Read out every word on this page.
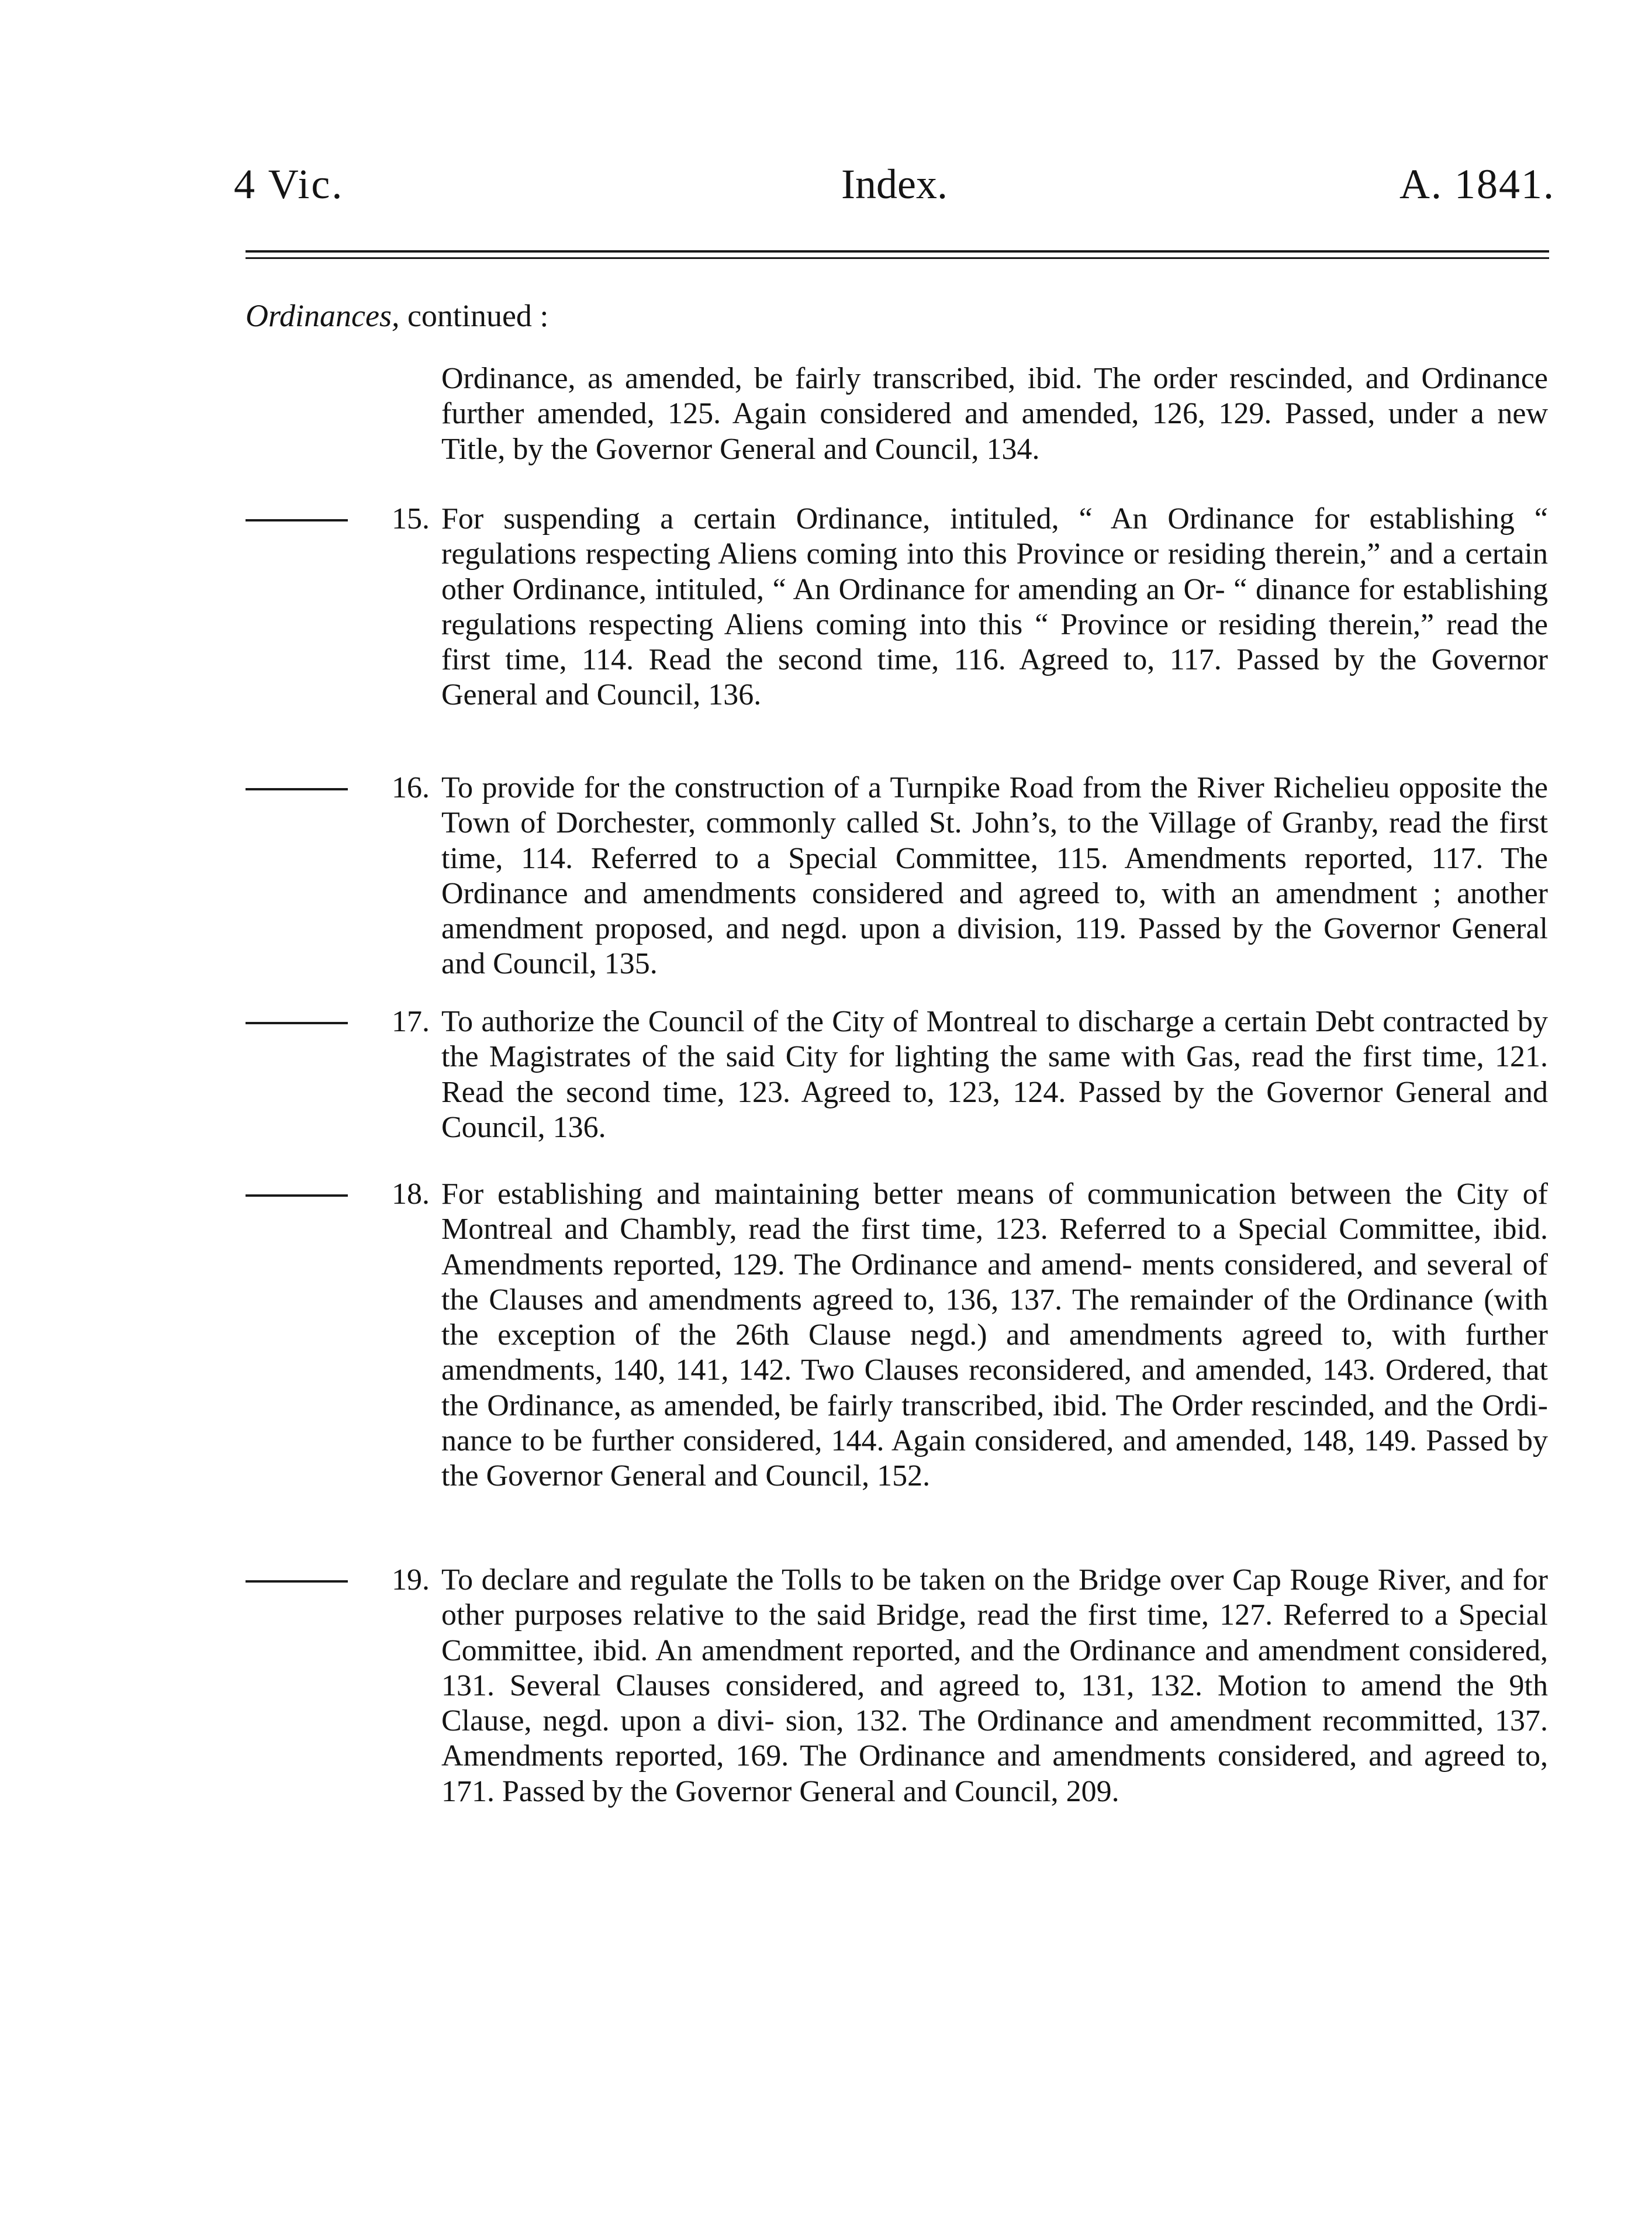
4 Vic.	Index.	A. 1841.
Ordinances, continued :
Ordinance, as amended, be fairly transcribed, ibid. The order rescinded, and Ordinance further amended, 125. Again considered and amended, 126, 129. Passed, under a new Title, by the Governor General and Council, 134.
15. For suspending a certain Ordinance, intituled, “ An Ordinance for establishing “ regulations respecting Aliens coming into this Province or residing therein,” and a certain other Ordinance, intituled, “ An Ordinance for amending an Or- “ dinance for establishing regulations respecting Aliens coming into this “ Province or residing therein,” read the first time, 114. Read the second time, 116. Agreed to, 117. Passed by the Governor General and Council, 136.
16. To provide for the construction of a Turnpike Road from the River Richelieu opposite the Town of Dorchester, commonly called St. John’s, to the Village of Granby, read the first time, 114. Referred to a Special Committee, 115. Amendments reported, 117. The Ordinance and amendments considered and agreed to, with an amendment ; another amendment proposed, and negd. upon a division, 119. Passed by the Governor General and Council, 135.
17. To authorize the Council of the City of Montreal to discharge a certain Debt contracted by the Magistrates of the said City for lighting the same with Gas, read the first time, 121. Read the second time, 123. Agreed to, 123, 124. Passed by the Governor General and Council, 136.
18. For establishing and maintaining better means of communication between the City of Montreal and Chambly, read the first time, 123. Referred to a Special Committee, ibid. Amendments reported, 129. The Ordinance and amend- ments considered, and several of the Clauses and amendments agreed to, 136, 137. The remainder of the Ordinance (with the exception of the 26th Clause negd.) and amendments agreed to, with further amendments, 140, 141, 142. Two Clauses reconsidered, and amended, 143. Ordered, that the Ordinance, as amended, be fairly transcribed, ibid. The Order rescinded, and the Ordi- nance to be further considered, 144. Again considered, and amended, 148, 149. Passed by the Governor General and Council, 152.
19. To declare and regulate the Tolls to be taken on the Bridge over Cap Rouge River, and for other purposes relative to the said Bridge, read the first time, 127. Referred to a Special Committee, ibid. An amendment reported, and the Ordinance and amendment considered, 131. Several Clauses considered, and agreed to, 131, 132. Motion to amend the 9th Clause, negd. upon a divi- sion, 132. The Ordinance and amendment recommitted, 137. Amendments reported, 169. The Ordinance and amendments considered, and agreed to, 171. Passed by the Governor General and Council, 209.
